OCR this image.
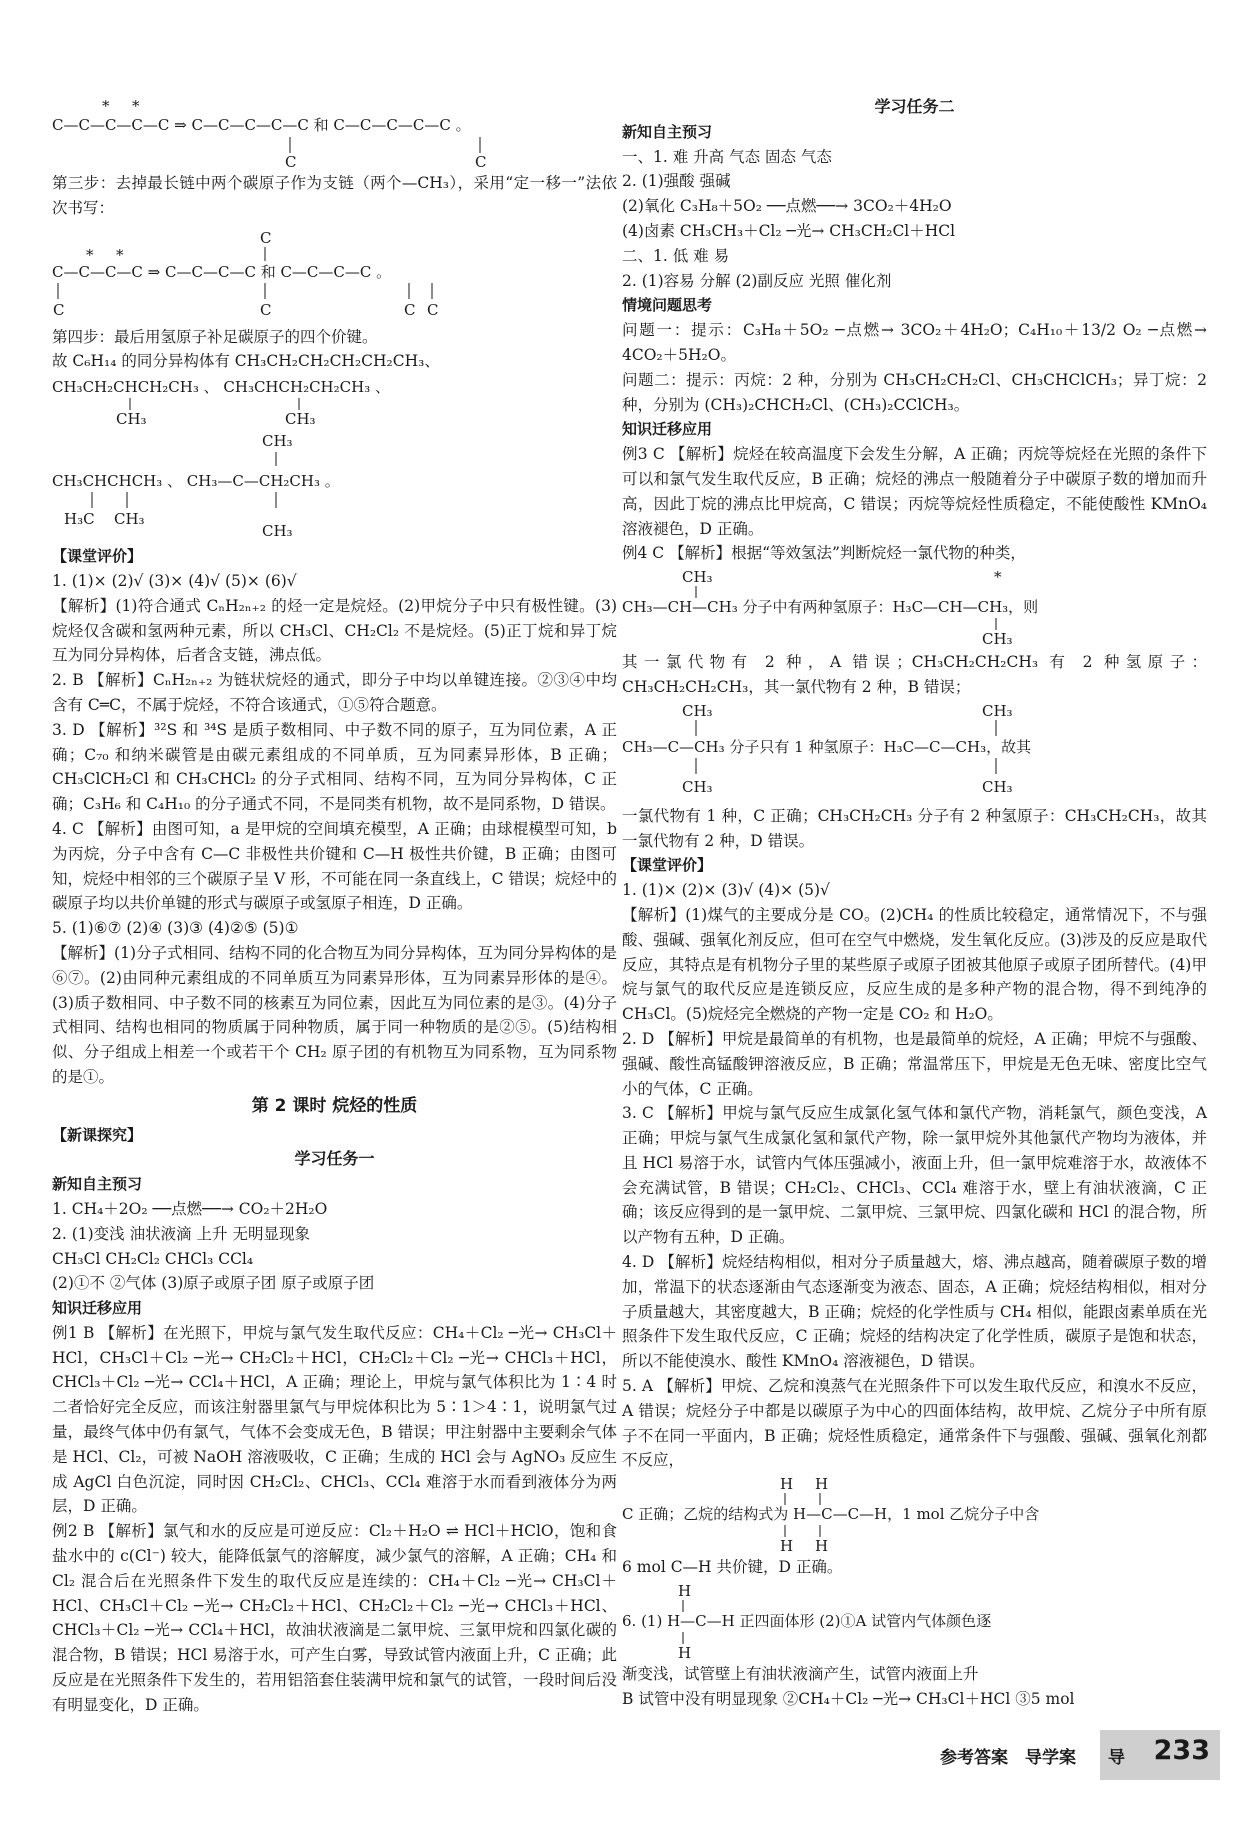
* *
C—C—C—C—C ⇒ C—C—C—C—C 和 C—C—C—C—C 。
C	C

第三步：去掉最长链中两个碳原子作为支链（两个—CH₃），采用“定一移一”法依次书写：

C
* *
C—C—C—C ⇒ C—C—C—C 和 C—C—C—C 。
C	C	C C
第四步：最后用氢原子补足碳原子的四个价键。
故 C₆H₁₄ 的同分异构体有 CH₃CH₂CH₂CH₂CH₂CH₃、
CH₃CH₂CHCH₂CH₃ 、 CH₃CHCH₂CH₂CH₃ 、
CH₃	CH₃
CH₃
CH₃CHCHCH₃ 、 CH₃—C—CH₂CH₃ 。
H₃C CH₃
CH₃
【课堂评价】
1. (1)× (2)√ (3)× (4)√ (5)× (6)√

【解析】(1)符合通式 CₙH₂ₙ₊₂ 的烃一定是烷烃。(2)甲烷分子中只有极性键。(3)烷烃仅含碳和氢两种元素，所以 CH₃Cl、CH₂Cl₂ 不是烷烃。(5)正丁烷和异丁烷互为同分异构体，后者含支链，沸点低。

2. B 【解析】CₙH₂ₙ₊₂ 为链状烷烃的通式，即分子中均以单键连接。②③④中均含有 C═C，不属于烷烃，不符合该通式，①⑤符合题意。

3. D 【解析】³²S 和 ³⁴S 是质子数相同、中子数不同的原子，互为同位素，A 正确；C₇₀ 和纳米碳管是由碳元素组成的不同单质，互为同素异形体，B 正确；CH₃ClCH₂Cl 和 CH₃CHCl₂ 的分子式相同、结构不同，互为同分异构体，C 正确；C₃H₆ 和 C₄H₁₀ 的分子通式不同，不是同类有机物，故不是同系物，D 错误。

4. C 【解析】由图可知，a 是甲烷的空间填充模型，A 正确；由球棍模型可知，b 为丙烷，分子中含有 C—C 非极性共价键和 C—H 极性共价键，B 正确；由图可知，烷烃中相邻的三个碳原子呈 V 形，不可能在同一条直线上，C 错误；烷烃中的碳原子均以共价单键的形式与碳原子或氢原子相连，D 正确。

5. (1)⑥⑦ (2)④ (3)③ (4)②⑤ (5)①

【解析】(1)分子式相同、结构不同的化合物互为同分异构体，互为同分异构体的是⑥⑦。(2)由同种元素组成的不同单质互为同素异形体，互为同素异形体的是④。(3)质子数相同、中子数不同的核素互为同位素，因此互为同位素的是③。(4)分子式相同、结构也相同的物质属于同种物质，属于同一种物质的是②⑤。(5)结构相似、分子组成上相差一个或若干个 CH₂ 原子团的有机物互为同系物，互为同系物的是①。

第 2 课时 烷烃的性质
【新课探究】
学习任务一
新知自主预习
1. CH₄＋2O₂ ──点燃──→ CO₂＋2H₂O
2. (1)变浅 油状液滴 上升 无明显现象
CH₃Cl CH₂Cl₂ CHCl₃ CCl₄
(2)①不 ②气体 (3)原子或原子团 原子或原子团
知识迁移应用

例1 B 【解析】在光照下，甲烷与氯气发生取代反应：CH₄＋Cl₂ ─光→ CH₃Cl＋HCl，CH₃Cl＋Cl₂ ─光→ CH₂Cl₂＋HCl，CH₂Cl₂＋Cl₂ ─光→ CHCl₃＋HCl，CHCl₃＋Cl₂ ─光→ CCl₄＋HCl，A 正确；理论上，甲烷与氯气体积比为 1∶4 时二者恰好完全反应，而该注射器里氯气与甲烷体积比为 5∶1＞4∶1，说明氯气过量，最终气体中仍有氯气，气体不会变成无色，B 错误；甲注射器中主要剩余气体是 HCl、Cl₂，可被 NaOH 溶液吸收，C 正确；生成的 HCl 会与 AgNO₃ 反应生成 AgCl 白色沉淀，同时因 CH₂Cl₂、CHCl₃、CCl₄ 难溶于水而看到液体分为两层，D 正确。

例2 B 【解析】氯气和水的反应是可逆反应：Cl₂＋H₂O ⇌ HCl＋HClO，饱和食盐水中的 c(Cl⁻) 较大，能降低氯气的溶解度，减少氯气的溶解，A 正确；CH₄ 和 Cl₂ 混合后在光照条件下发生的取代反应是连续的：CH₄＋Cl₂ ─光→ CH₃Cl＋HCl、CH₃Cl＋Cl₂ ─光→ CH₂Cl₂＋HCl、CH₂Cl₂＋Cl₂ ─光→ CHCl₃＋HCl、CHCl₃＋Cl₂ ─光→ CCl₄＋HCl，故油状液滴是二氯甲烷、三氯甲烷和四氯化碳的混合物，B 错误；HCl 易溶于水，可产生白雾，导致试管内液面上升，C 正确；此反应是在光照条件下发生的，若用铝箔套住装满甲烷和氯气的试管，一段时间后没有明显变化，D 正确。

学习任务二
新知自主预习
一、1. 难 升高 气态 固态 气态
2. (1)强酸 强碱
(2)氧化 C₃H₈＋5O₂ ──点燃──→ 3CO₂＋4H₂O
(4)卤素 CH₃CH₃＋Cl₂ ─光→ CH₃CH₂Cl＋HCl
二、1. 低 难 易
2. (1)容易 分解 (2)副反应 光照 催化剂
情境问题思考

问题一：提示：C₃H₈＋5O₂ ─点燃→ 3CO₂＋4H₂O；C₄H₁₀＋13/2 O₂ ─点燃→ 4CO₂＋5H₂O。

问题二：提示：丙烷：2 种，分别为 CH₃CH₂CH₂Cl、CH₃CHClCH₃；异丁烷：2 种，分别为 (CH₃)₂CHCH₂Cl、(CH₃)₂CClCH₃。

知识迁移应用

例3 C 【解析】烷烃在较高温度下会发生分解，A 正确；丙烷等烷烃在光照的条件下可以和氯气发生取代反应，B 正确；烷烃的沸点一般随着分子中碳原子数的增加而升高，因此丁烷的沸点比甲烷高，C 错误；丙烷等烷烃性质稳定，不能使酸性 KMnO₄ 溶液褪色，D 正确。

例4 C 【解析】根据“等效氢法”判断烷烃一氯代物的种类，
CH₃	*
CH₃—CH—CH₃ 分子中有两种氢原子：H₃C—CH—CH₃，则
CH₃

其一氯代物有 2 种，A 错误；CH₃CH₂CH₂CH₃ 有 2 种氢原子：CH₃CH₂CH₂CH₃，其一氯代物有 2 种，B 错误；

CH₃	CH₃
CH₃—C—CH₃ 分子只有 1 种氢原子：H₃C—C—CH₃，故其
CH₃	CH₃

一氯代物有 1 种，C 正确；CH₃CH₂CH₃ 分子有 2 种氢原子：CH₃CH₂CH₃，故其一氯代物有 2 种，D 错误。

【课堂评价】
1. (1)× (2)× (3)√ (4)× (5)√

【解析】(1)煤气的主要成分是 CO。(2)CH₄ 的性质比较稳定，通常情况下，不与强酸、强碱、强氧化剂反应，但可在空气中燃烧，发生氧化反应。(3)涉及的反应是取代反应，其特点是有机物分子里的某些原子或原子团被其他原子或原子团所替代。(4)甲烷与氯气的取代反应是连锁反应，反应生成的是多种产物的混合物，得不到纯净的 CH₃Cl。(5)烷烃完全燃烧的产物一定是 CO₂ 和 H₂O。

2. D 【解析】甲烷是最简单的有机物，也是最简单的烷烃，A 正确；甲烷不与强酸、强碱、酸性高锰酸钾溶液反应，B 正确；常温常压下，甲烷是无色无味、密度比空气小的气体，C 正确。

3. C 【解析】甲烷与氯气反应生成氯化氢气体和氯代产物，消耗氯气，颜色变浅，A 正确；甲烷与氯气生成氯化氢和氯代产物，除一氯甲烷外其他氯代产物均为液体，并且 HCl 易溶于水，试管内气体压强减小，液面上升，但一氯甲烷难溶于水，故液体不会充满试管，B 错误；CH₂Cl₂、CHCl₃、CCl₄ 难溶于水，壁上有油状液滴，C 正确；该反应得到的是一氯甲烷、二氯甲烷、三氯甲烷、四氯化碳和 HCl 的混合物，所以产物有五种，D 正确。

4. D 【解析】烷烃结构相似，相对分子质量越大，熔、沸点越高，随着碳原子数的增加，常温下的状态逐渐由气态逐渐变为液态、固态，A 正确；烷烃结构相似，相对分子质量越大，其密度越大，B 正确；烷烃的化学性质与 CH₄ 相似，能跟卤素单质在光照条件下发生取代反应，C 正确；烷烃的结构决定了化学性质，碳原子是饱和状态，所以不能使溴水、酸性 KMnO₄ 溶液褪色，D 错误。

5. A 【解析】甲烷、乙烷和溴蒸气在光照条件下可以发生取代反应，和溴水不反应，A 错误；烷烃分子中都是以碳原子为中心的四面体结构，故甲烷、乙烷分子中所有原子不在同一平面内，B 正确；烷烃性质稳定，通常条件下与强酸、强碱、强氧化剂都不反应，

H H
C 正确；乙烷的结构式为 H—C—C—H，1 mol 乙烷分子中含
H H
6 mol C—H 共价键，D 正确。
H
6. (1) H—C—H 正四面体形 (2)①A 试管内气体颜色逐
H
渐变浅，试管壁上有油状液滴产生，试管内液面上升
B 试管中没有明显现象 ②CH₄＋Cl₂ ─光→ CH₃Cl＋HCl ③5 mol
参考答案 导学案 导 233
